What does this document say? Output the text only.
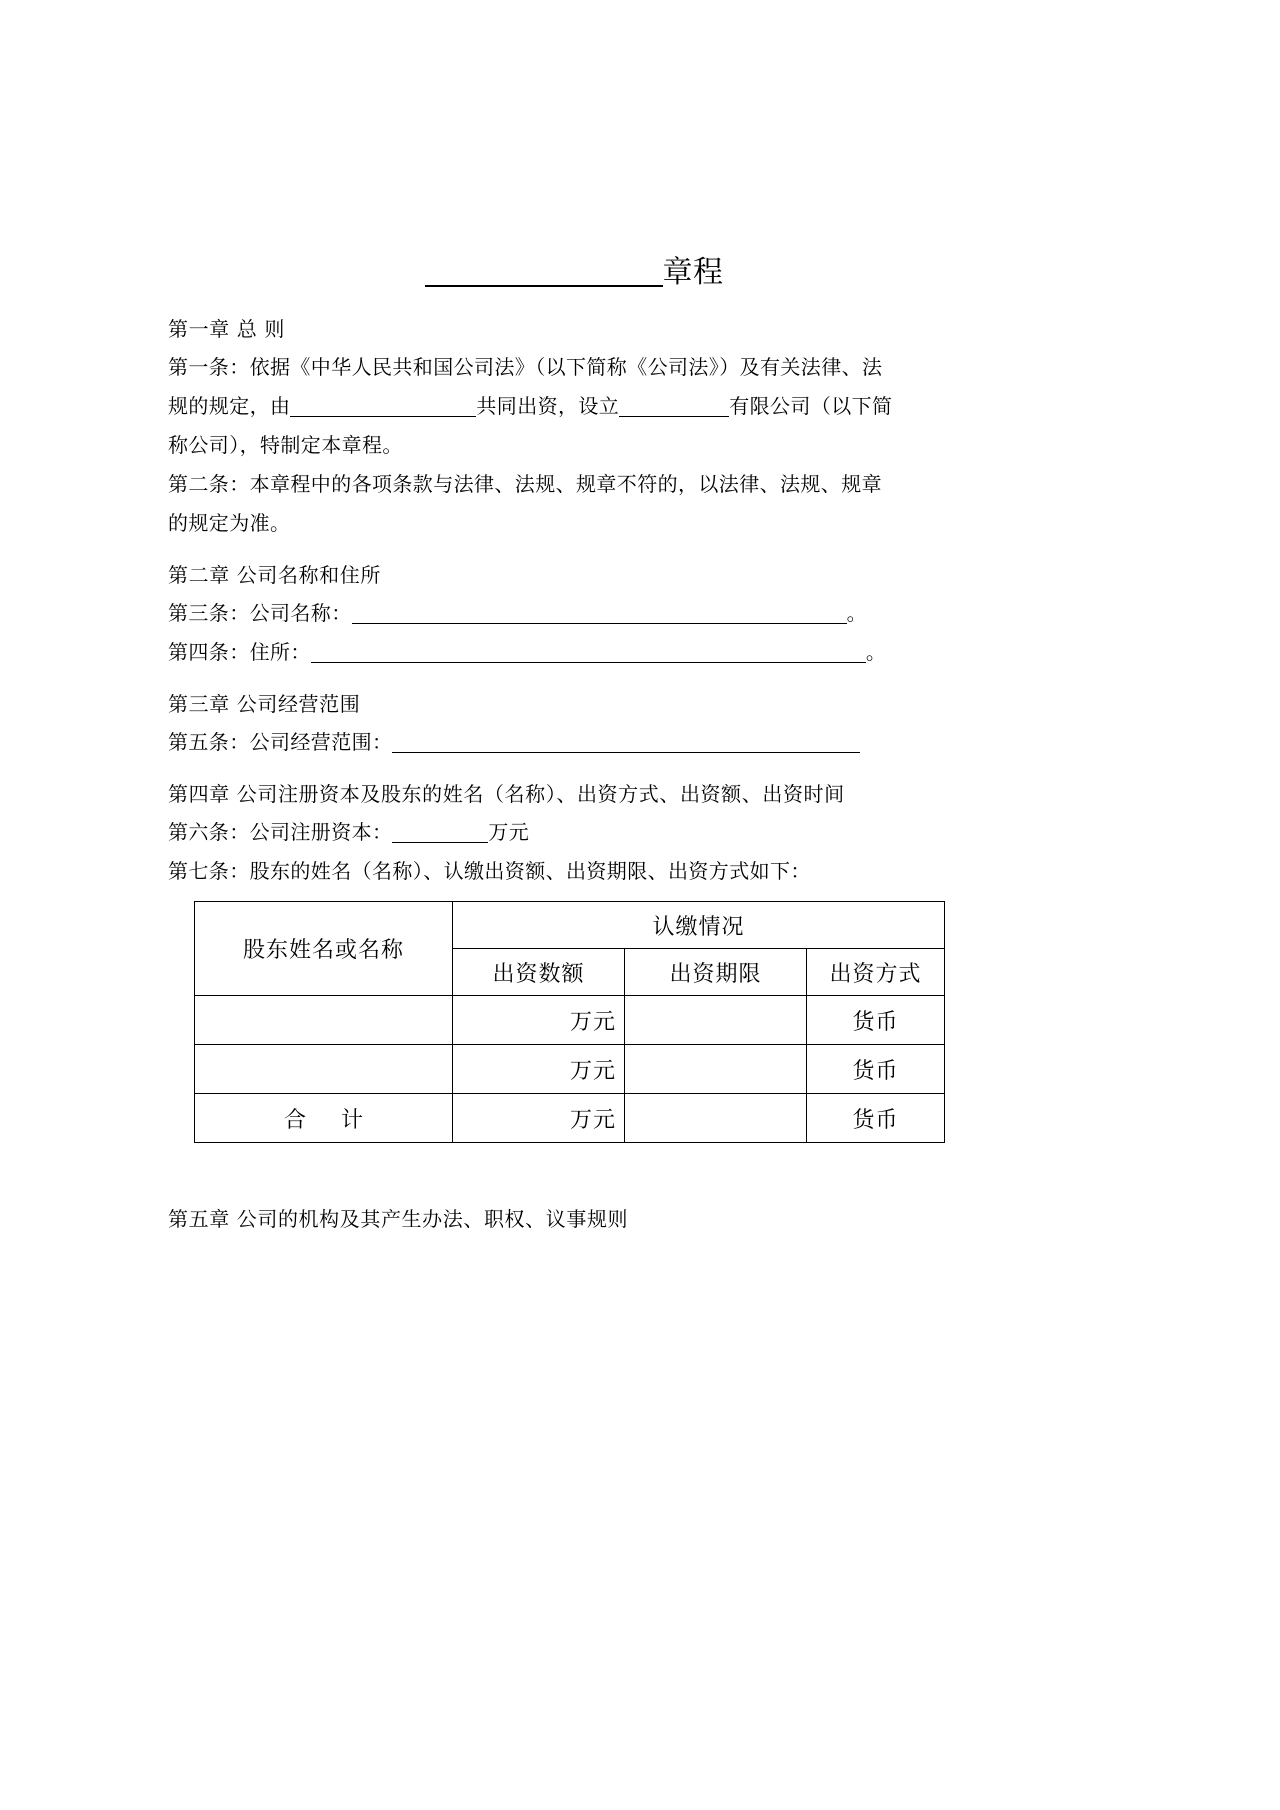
章程
第一章 总 则
第一条：依据《中华人民共和国公司法》（以下简称《公司法》）及有关法律、法
规的规定，由	共同出资，设立	有限公司（以下简
称公司），特制定本章程。
第二条：本章程中的各项条款与法律、法规、规章不符的，以法律、法规、规章
的规定为准。
第二章 公司名称和住所
第三条：公司名称：	。
第四条：住所：	。
第三章 公司经营范围
第五条：公司经营范围：
第四章 公司注册资本及股东的姓名（名称）、出资方式、出资额、出资时间
第六条：公司注册资本：	万元
第七条：股东的姓名（名称）、认缴出资额、出资期限、出资方式如下：
股东姓名或名称	认缴情况		
	出资数额	出资期限	出资方式
	万元		货币
	万元		货币
合 计	万元		货币
第五章 公司的机构及其产生办法、职权、议事规则
